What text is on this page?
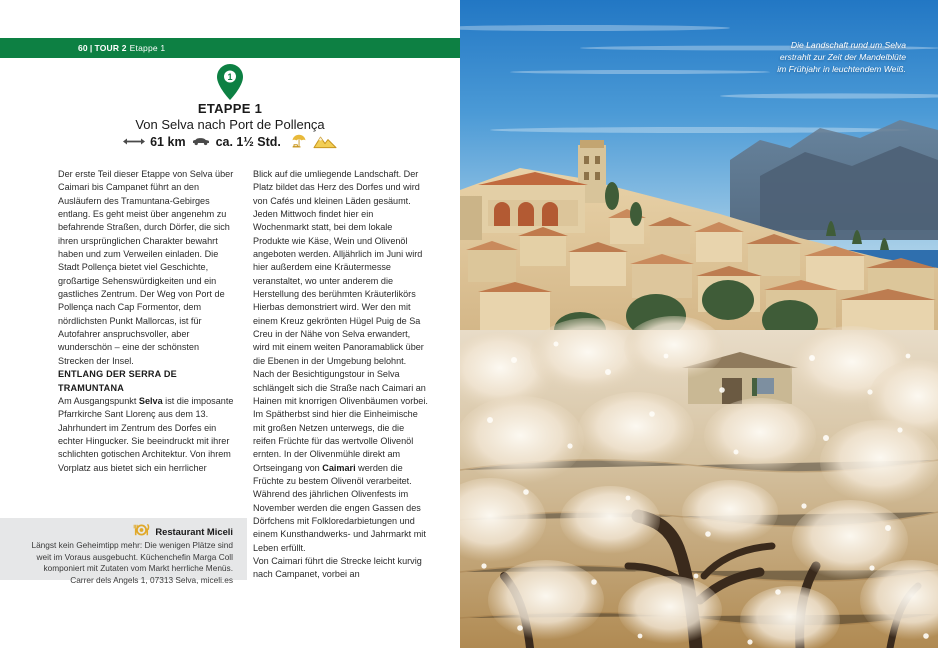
60 | TOUR 2 Etappe 1
1
ETAPPE 1
Von Selva nach Port de Pollença
61 km ca. 1½ Std.

Der erste Teil dieser Etappe von Selva über Caimari bis Campanet führt an den Ausläufern des Tramuntana-Gebirges entlang. Es geht meist über angenehm zu befahrende Straßen, durch Dörfer, die sich ihren ursprünglichen Charakter bewahrt haben und zum Verweilen einladen. Die Stadt Pollença bietet viel Geschichte, großartige Sehenswürdigkeiten und ein gastliches Zentrum. Der Weg von Port de Pollença nach Cap Formentor, dem nördlichsten Punkt Mallorcas, ist für Autofahrer anspruchsvoller, aber wunderschön – eine der schönsten Strecken der Insel.

ENTLANG DER SERRA DE TRAMUNTANA

Am Ausgangspunkt Selva ist die imposante Pfarrkirche Sant Llorenç aus dem 13. Jahrhundert im Zentrum des Dorfes ein echter Hingucker. Sie beeindruckt mit ihrer schlichten gotischen Architektur. Von ihrem Vorplatz aus bietet sich ein herrlicher

Blick auf die umliegende Landschaft. Der Platz bildet das Herz des Dorfes und wird von Cafés und kleinen Läden gesäumt. Jeden Mittwoch findet hier ein Wochenmarkt statt, bei dem lokale Produkte wie Käse, Wein und Olivenöl angeboten werden. Alljährlich im Juni wird hier außerdem eine Kräutermesse veranstaltet, wo unter anderem die Herstellung des berühmten Kräuterlikörs Hierbas demonstriert wird. Wer den mit einem Kreuz gekrönten Hügel Puig de Sa Creu in der Nähe von Selva erwandert, wird mit einem weiten Panoramablick über die Ebenen in der Umgebung belohnt.

Nach der Besichtigungstour in Selva schlängelt sich die Straße nach Caimari an Hainen mit knorrigen Olivenbäumen vorbei. Im Spätherbst sind hier die Einheimische mit großen Netzen unterwegs, die die reifen Früchte für das wertvolle Olivenöl ernten. In der Olivenmühle direkt am Ortseingang von Caimari werden die Früchte zu bestem Olivenöl verarbeitet. Während des jährlichen Olivenfests im November werden die engen Gassen des Dörfchens mit Folkloredarbietungen und einem Kunsthandwerks- und Jahrmarkt mit Leben erfüllt.

Von Caimari führt die Strecke leicht kurvig nach Campanet, vorbei an

Restaurant Miceli

Längst kein Geheimtipp mehr: Die wenigen Plätze sind

weit im Voraus ausgebucht. Küchenchefin Marga Coll

komponiert mit Zutaten vom Markt herrliche Menüs.

Carrer dels Angels 1, 07313 Selva, miceli.es

Die Landschaft rund um Selva

erstrahlt zur Zeit der Mandelblüte

im Frühjahr in leuchtendem Weiß.
